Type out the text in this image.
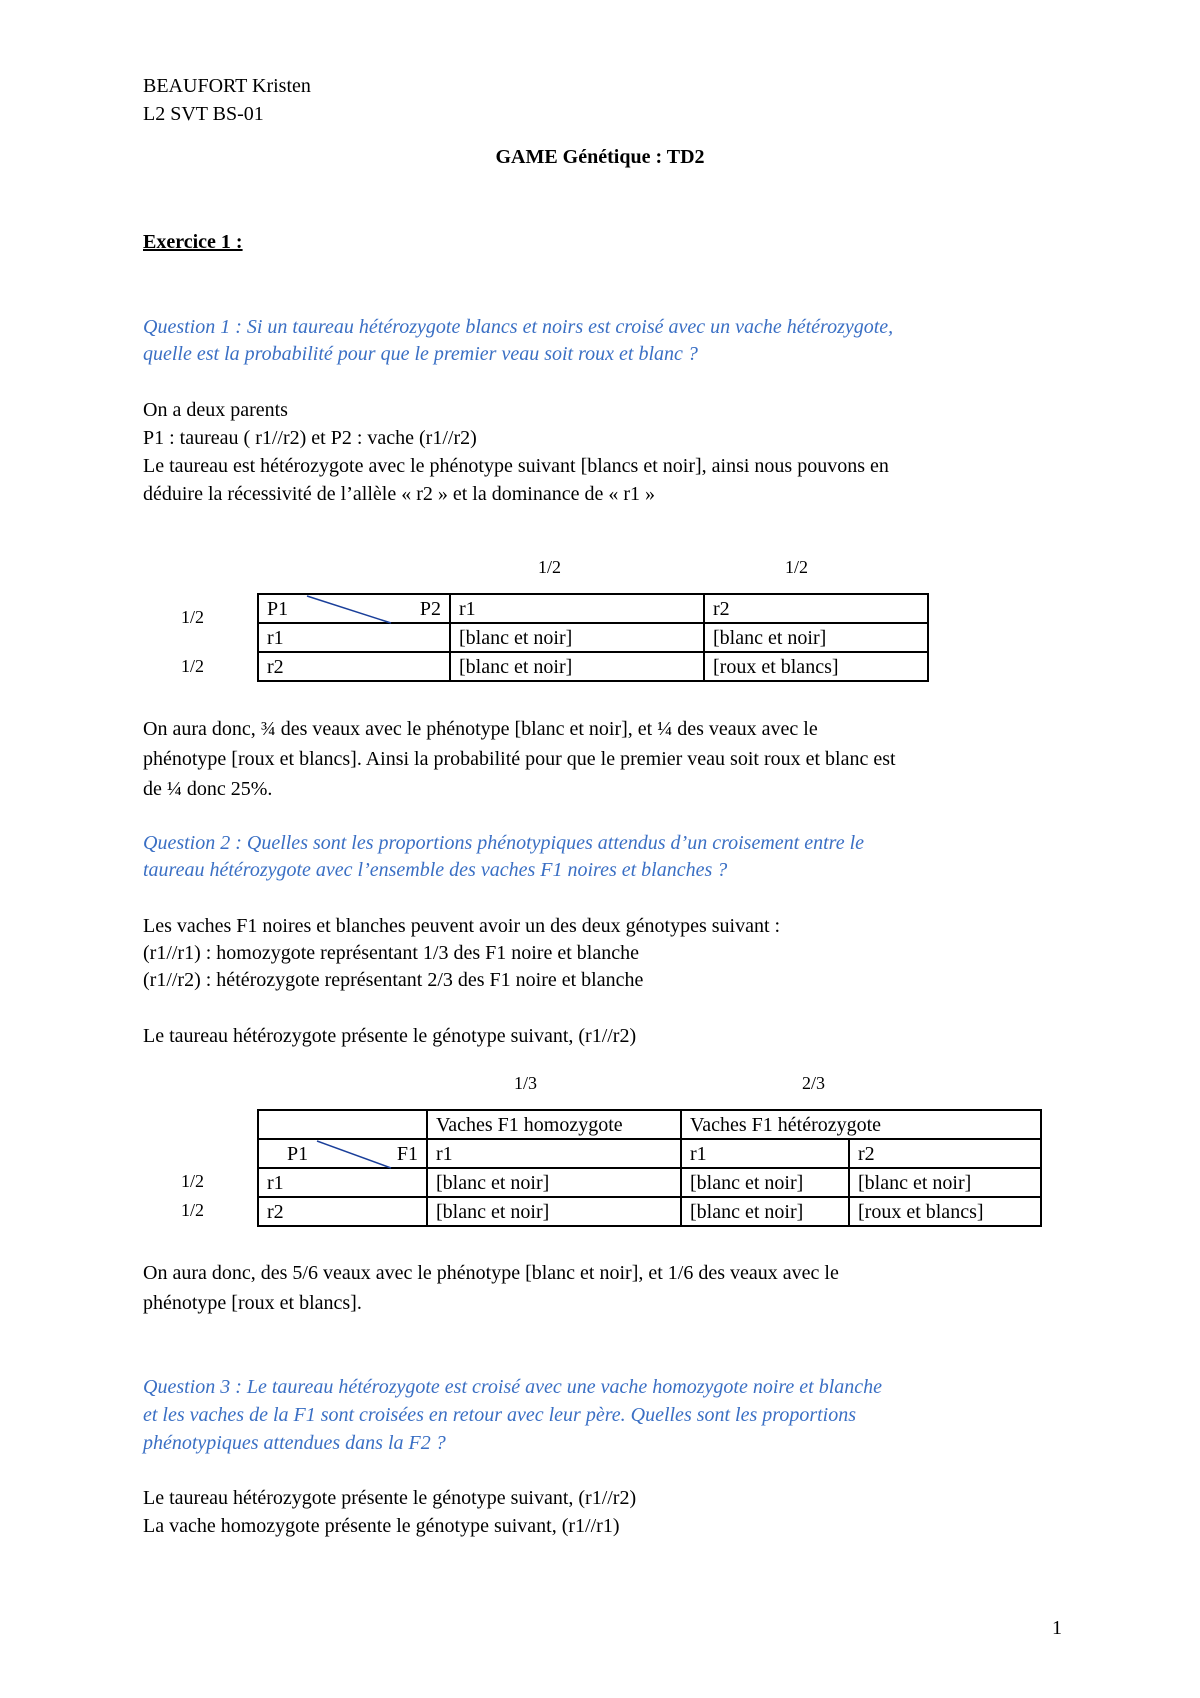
BEAUFORT Kristen
L2 SVT BS-01
GAME Génétique : TD2
Exercice 1 :
Question 1 : Si un taureau hétérozygote blancs et noirs est croisé avec un vache hétérozygote,
quelle est la probabilité pour que le premier veau soit roux et blanc ?
On a deux parents
P1 : taureau ( r1//r2) et P2 : vache (r1//r2)
Le taureau est hétérozygote avec le phénotype suivant [blancs et noir], ainsi nous pouvons en
déduire la récessivité de l’allèle « r2 » et la dominance de « r1 »
1/2	1/2
1/2
1/2
P1 P2	r1	r2
r1	[blanc et noir]	[blanc et noir]
r2	[blanc et noir]	[roux et blancs]
On aura donc, ¾ des veaux avec le phénotype [blanc et noir], et ¼ des veaux avec le
phénotype [roux et blancs]. Ainsi la probabilité pour que le premier veau soit roux et blanc est
de ¼ donc 25%.
Question 2 : Quelles sont les proportions phénotypiques attendus d’un croisement entre le
taureau hétérozygote avec l’ensemble des vaches F1 noires et blanches ?
Les vaches F1 noires et blanches peuvent avoir un des deux génotypes suivant :
(r1//r1) : homozygote représentant 1/3 des F1 noire et blanche
(r1//r2) : hétérozygote représentant 2/3 des F1 noire et blanche
Le taureau hétérozygote présente le génotype suivant, (r1//r2)
1/3	2/3
1/2
1/2
	Vaches F1 homozygote	Vaches F1 hétérozygote	

P1 F1	r1	r1	r2
r1	[blanc et noir]	[blanc et noir]	[blanc et noir]
r2	[blanc et noir]	[blanc et noir]	[roux et blancs]
On aura donc, des 5/6 veaux avec le phénotype [blanc et noir], et 1/6 des veaux avec le
phénotype [roux et blancs].
Question 3 : Le taureau hétérozygote est croisé avec une vache homozygote noire et blanche
et les vaches de la F1 sont croisées en retour avec leur père. Quelles sont les proportions
phénotypiques attendues dans la F2 ?
Le taureau hétérozygote présente le génotype suivant, (r1//r2)
La vache homozygote présente le génotype suivant, (r1//r1)
1
